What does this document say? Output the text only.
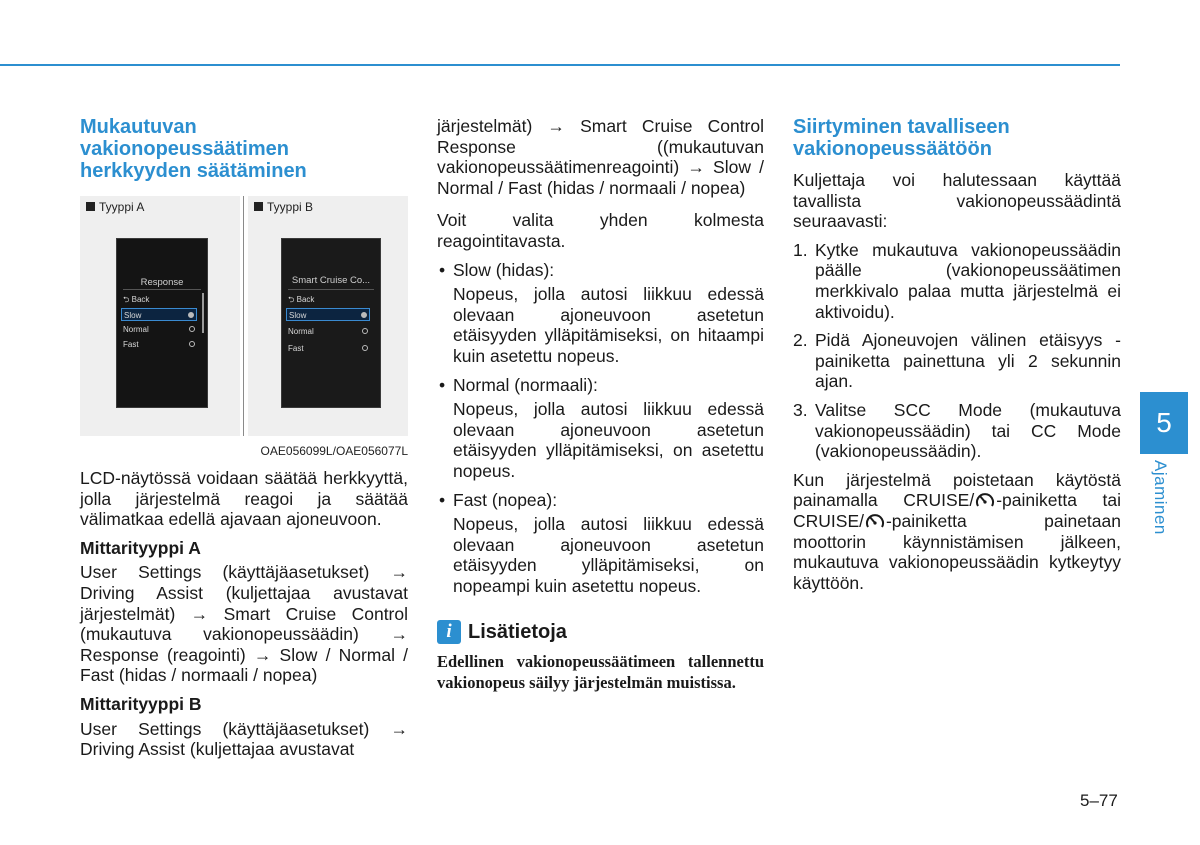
Mukautuvan
vakionopeussäätimen
herkkyyden säätäminen
Tyyppi A
Response
⮌ Back
Slow
Normal
Fast
Tyyppi B
Smart Cruise Co...
⮌ Back
Slow
Normal
Fast
OAE056099L/OAE056077L
LCD-näytössä voidaan säätää herkkyyttä, jolla järjestelmä reagoi ja säätää välimatkaa edellä ajavaan ajoneuvoon.
Mittarityyppi A
User Settings (käyttäjäasetukset) → Driving Assist (kuljettajaa avustavat järjestelmät) → Smart Cruise Control (mukautuva vakionopeussäädin) → Response (reagointi) → Slow / Normal / Fast (hidas / normaali / nopea)
Mittarityyppi B
User Settings (käyttäjäasetukset) → Driving Assist (kuljettajaa avustavat
järjestelmät) → Smart Cruise Control Response ((mukautuvan vakionopeussäätimenreagointi) → Slow / Normal / Fast (hidas / normaali / nopea)
Voit valita yhden kolmesta reagointitavasta.
• Slow (hidas):
Nopeus, jolla autosi liikkuu edessä olevaan ajoneuvoon asetetun etäisyyden ylläpitämiseksi, on hitaampi kuin asetettu nopeus.
• Normal (normaali):
Nopeus, jolla autosi liikkuu edessä olevaan ajoneuvoon asetetun etäisyyden ylläpitämiseksi, on asetettu nopeus.
• Fast (nopea):
Nopeus, jolla autosi liikkuu edessä olevaan ajoneuvoon asetetun etäisyyden ylläpitämiseksi, on nopeampi kuin asetettu nopeus.
i Lisätietoja
Edellinen vakionopeussäätimeen tallennettu vakionopeus säilyy järjestelmän muistissa.
Siirtyminen tavalliseen
vakionopeussäätöön
Kuljettaja voi halutessaan käyttää tavallista vakionopeussäädintä seuraavasti:
1. Kytke mukautuva vakionopeussäädin päälle (vakionopeussäätimen merkkivalo palaa mutta järjestelmä ei aktivoidu).
2. Pidä Ajoneuvojen välinen etäisyys -painiketta painettuna yli 2 sekunnin ajan.
3. Valitse SCC Mode (mukautuva vakionopeussäädin) tai CC Mode (vakionopeussäädin).
Kun järjestelmä poistetaan käytöstä painamalla CRUISE/ -painiketta tai CRUISE/ -painiketta painetaan moottorin käynnistämisen jälkeen, mukautuva vakionopeussäädin kytkeytyy käyttöön.
5
Ajaminen
5–77
